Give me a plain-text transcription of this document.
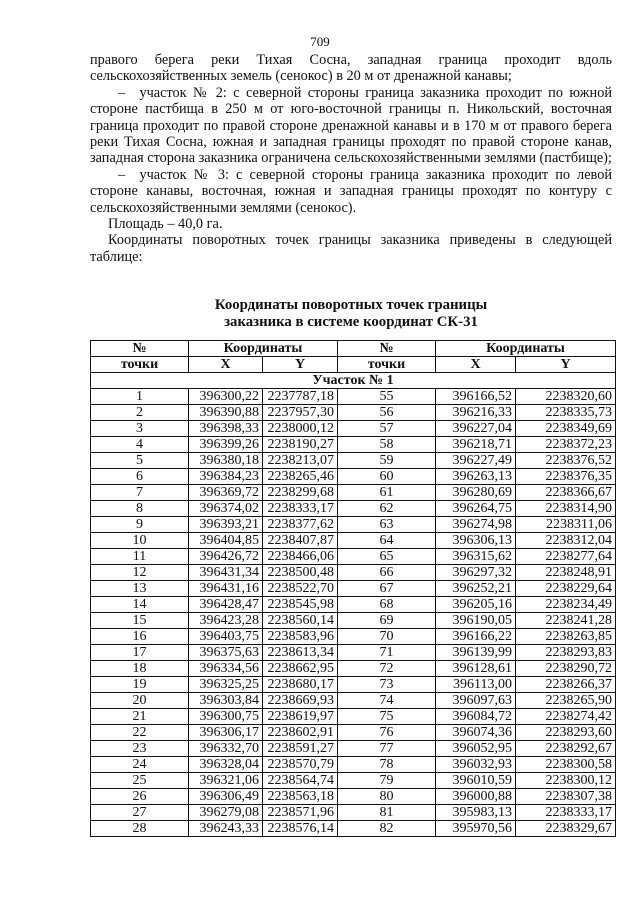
709

правого берега реки Тихая Сосна, западная граница проходит вдоль сельскохозяйственных земель (сенокос) в 20 м от дренажной канавы;

– участок № 2: с северной стороны граница заказника проходит по южной стороне пастбища в 250 м от юго-восточной границы п. Никольский, восточная граница проходит по правой стороне дренажной канавы и в 170 м от правого берега реки Тихая Сосна, южная и западная границы проходят по правой стороне канав, западная сторона заказника ограничена сельскохозяйственными землями (пастбище);

– участок № 3: с северной стороны граница заказника проходит по левой стороне канавы, восточная, южная и западная границы проходят по контуру с сельскохозяйственными землями (сенокос).

Площадь – 40,0 га.

Координаты поворотных точек границы заказника приведены в следующей таблице:

Координаты поворотных точек границы
заказника в системе координат СК-31
№	Координаты		№	Координаты	
точки	X	Y	точки	X	Y
Участок № 1					
1	396300,22	2237787,18	55	396166,52	2238320,60
2	396390,88	2237957,30	56	396216,33	2238335,73
3	396398,33	2238000,12	57	396227,04	2238349,69
4	396399,26	2238190,27	58	396218,71	2238372,23
5	396380,18	2238213,07	59	396227,49	2238376,52
6	396384,23	2238265,46	60	396263,13	2238376,35
7	396369,72	2238299,68	61	396280,69	2238366,67
8	396374,02	2238333,17	62	396264,75	2238314,90
9	396393,21	2238377,62	63	396274,98	2238311,06
10	396404,85	2238407,87	64	396306,13	2238312,04
11	396426,72	2238466,06	65	396315,62	2238277,64
12	396431,34	2238500,48	66	396297,32	2238248,91
13	396431,16	2238522,70	67	396252,21	2238229,64
14	396428,47	2238545,98	68	396205,16	2238234,49
15	396423,28	2238560,14	69	396190,05	2238241,28
16	396403,75	2238583,96	70	396166,22	2238263,85
17	396375,63	2238613,34	71	396139,99	2238293,83
18	396334,56	2238662,95	72	396128,61	2238290,72
19	396325,25	2238680,17	73	396113,00	2238266,37
20	396303,84	2238669,93	74	396097,63	2238265,90
21	396300,75	2238619,97	75	396084,72	2238274,42
22	396306,17	2238602,91	76	396074,36	2238293,60
23	396332,70	2238591,27	77	396052,95	2238292,67
24	396328,04	2238570,79	78	396032,93	2238300,58
25	396321,06	2238564,74	79	396010,59	2238300,12
26	396306,49	2238563,18	80	396000,88	2238307,38
27	396279,08	2238571,96	81	395983,13	2238333,17
28	396243,33	2238576,14	82	395970,56	2238329,67
